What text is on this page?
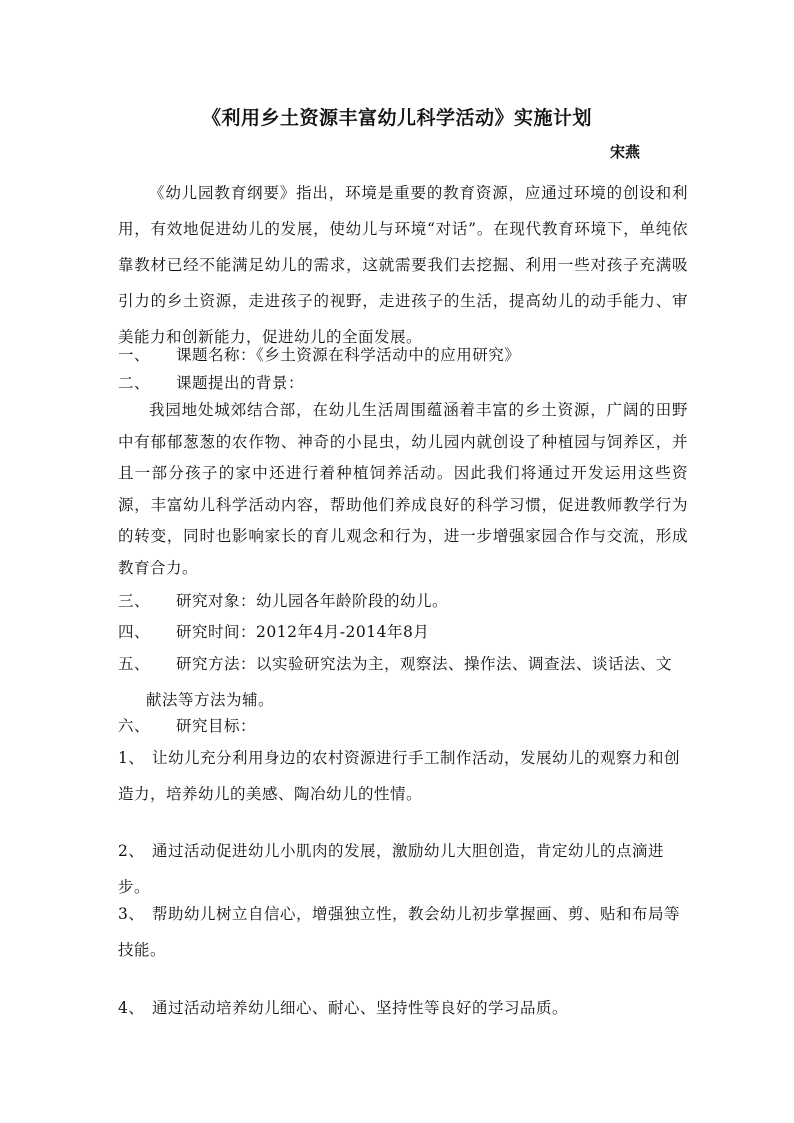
《利用乡土资源丰富幼儿科学活动》实施计划
宋燕

《幼儿园教育纲要》指出，环境是重要的教育资源，应通过环境的创设和利用，有效地促进幼儿的发展，使幼儿与环境“对话”。在现代教育环境下，单纯依靠教材已经不能满足幼儿的需求，这就需要我们去挖掘、利用一些对孩子充满吸引力的乡土资源，走进孩子的视野，走进孩子的生活，提高幼儿的动手能力、审美能力和创新能力，促进幼儿的全面发展。

一、 课题名称：《乡土资源在科学活动中的应用研究》
二、 课题提出的背景：

我园地处城郊结合部，在幼儿生活周围蕴涵着丰富的乡土资源，广阔的田野中有郁郁葱葱的农作物、神奇的小昆虫，幼儿园内就创设了种植园与饲养区，并且一部分孩子的家中还进行着种植饲养活动。因此我们将通过开发运用这些资源，丰富幼儿科学活动内容，帮助他们养成良好的科学习惯，促进教师教学行为的转变，同时也影响家长的育儿观念和行为，进一步增强家园合作与交流，形成教育合力。

三、 研究对象：幼儿园各年龄阶段的幼儿。
四、 研究时间：2012年4月-2014年8月
五、 研究方法：以实验研究法为主，观察法、操作法、调查法、谈话法、文
献法等方法为辅。
六、 研究目标：
1、 让幼儿充分利用身边的农村资源进行手工制作活动，发展幼儿的观察力和创
造力，培养幼儿的美感、陶冶幼儿的性情。
2、 通过活动促进幼儿小肌肉的发展，激励幼儿大胆创造，肯定幼儿的点滴进步。
3、 帮助幼儿树立自信心，增强独立性，教会幼儿初步掌握画、剪、贴和布局等
技能。
4、 通过活动培养幼儿细心、耐心、坚持性等良好的学习品质。
